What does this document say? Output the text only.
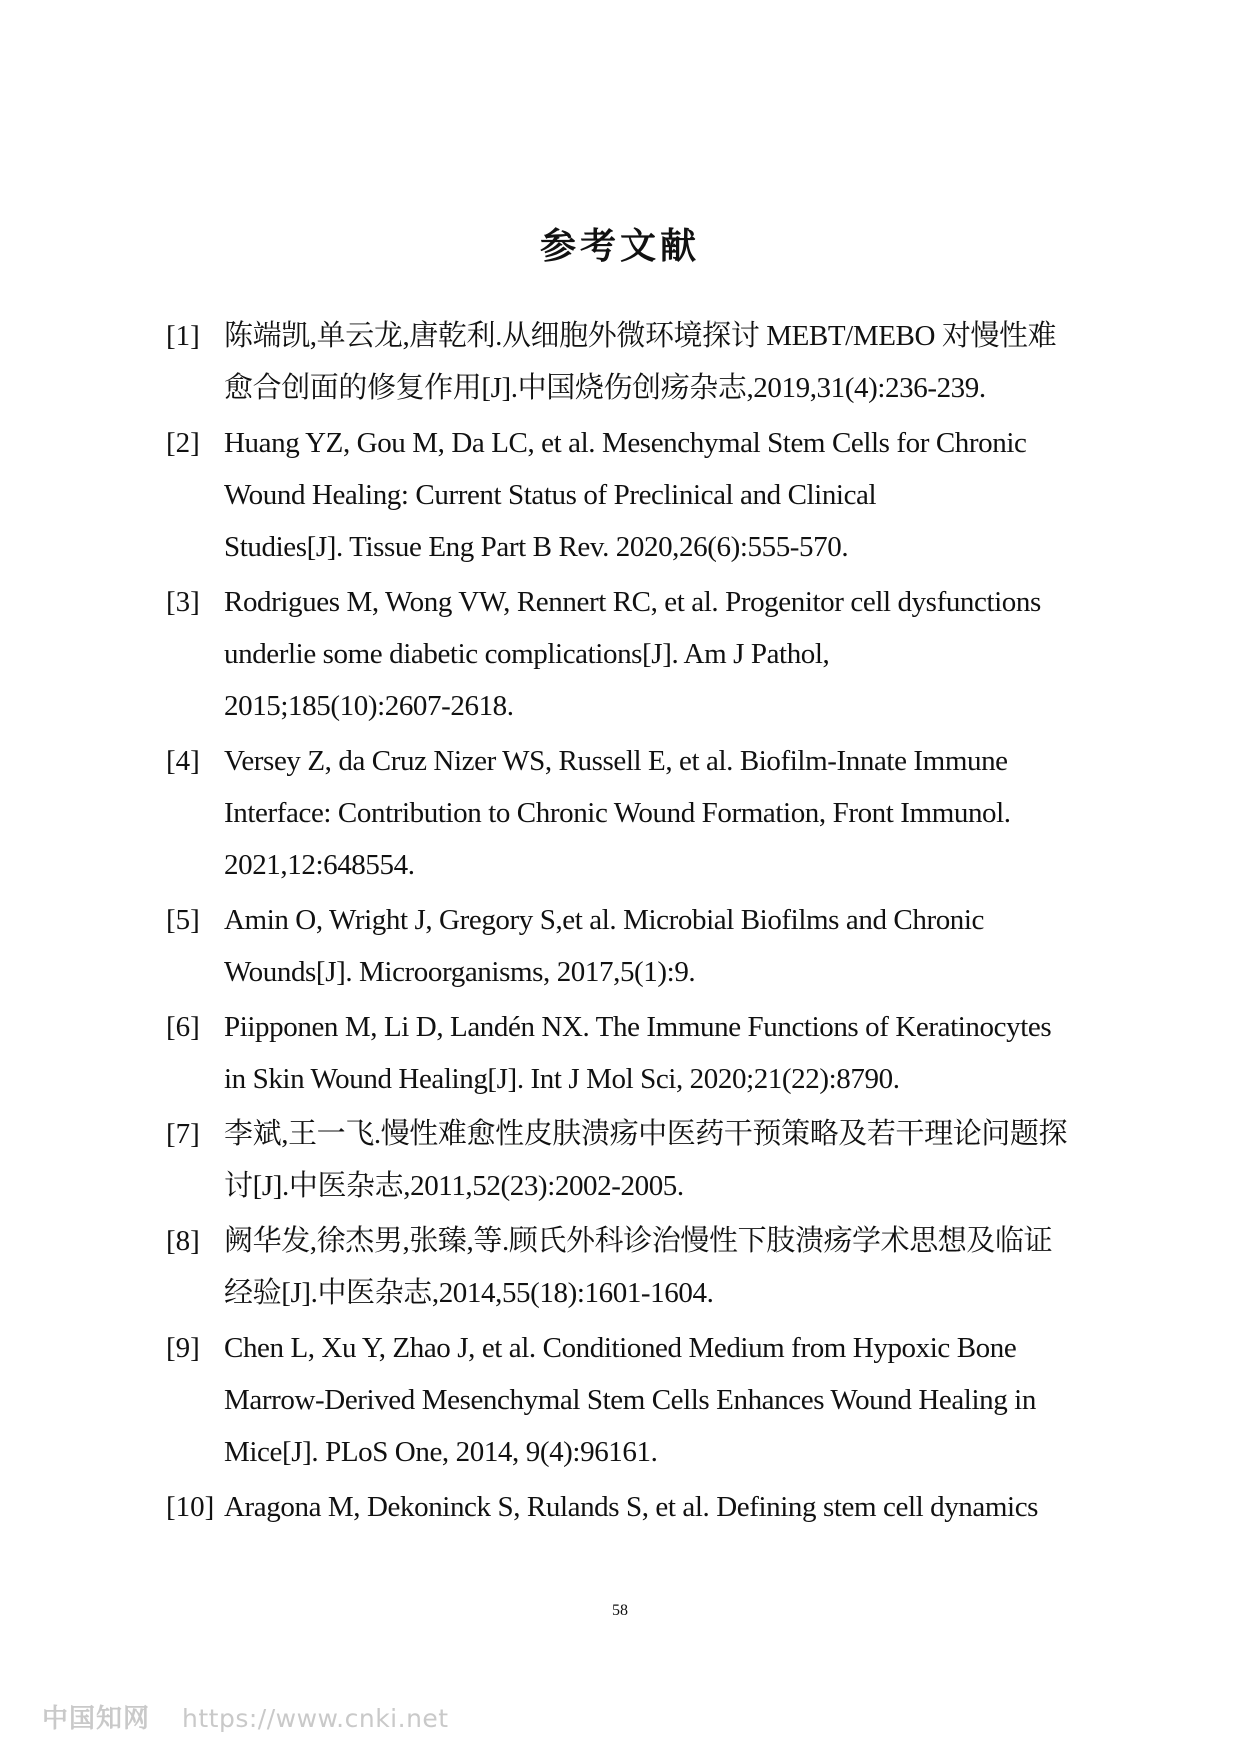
参考文献
[1] 陈端凯,单云龙,唐乾利.从细胞外微环境探讨 MEBT/MEBO 对慢性难
愈合创面的修复作用[J].中国烧伤创疡杂志,2019,31(4):236-239.
[2] Huang YZ, Gou M, Da LC, et al. Mesenchymal Stem Cells for Chronic
Wound Healing: Current Status of Preclinical and Clinical
Studies[J]. Tissue Eng Part B Rev. 2020,26(6):555-570.
[3] Rodrigues M, Wong VW, Rennert RC, et al. Progenitor cell dysfunctions
underlie some diabetic complications[J]. Am J Pathol,
2015;185(10):2607-2618.
[4] Versey Z, da Cruz Nizer WS, Russell E, et al. Biofilm-Innate Immune
Interface: Contribution to Chronic Wound Formation, Front Immunol.
2021,12:648554.
[5] Amin O, Wright J, Gregory S,et al. Microbial Biofilms and Chronic
Wounds[J]. Microorganisms, 2017,5(1):9.
[6] Piipponen M, Li D, Landén NX. The Immune Functions of Keratinocytes
in Skin Wound Healing[J]. Int J Mol Sci, 2020;21(22):8790.
[7] 李斌,王一飞.慢性难愈性皮肤溃疡中医药干预策略及若干理论问题探
讨[J].中医杂志,2011,52(23):2002-2005.
[8] 阙华发,徐杰男,张臻,等.顾氏外科诊治慢性下肢溃疡学术思想及临证
经验[J].中医杂志,2014,55(18):1601-1604.
[9] Chen L, Xu Y, Zhao J, et al. Conditioned Medium from Hypoxic Bone
Marrow-Derived Mesenchymal Stem Cells Enhances Wound Healing in
Mice[J]. PLoS One, 2014, 9(4):96161.
[10] Aragona M, Dekoninck S, Rulands S, et al. Defining stem cell dynamics
58
中国知网 https://www.cnki.net
